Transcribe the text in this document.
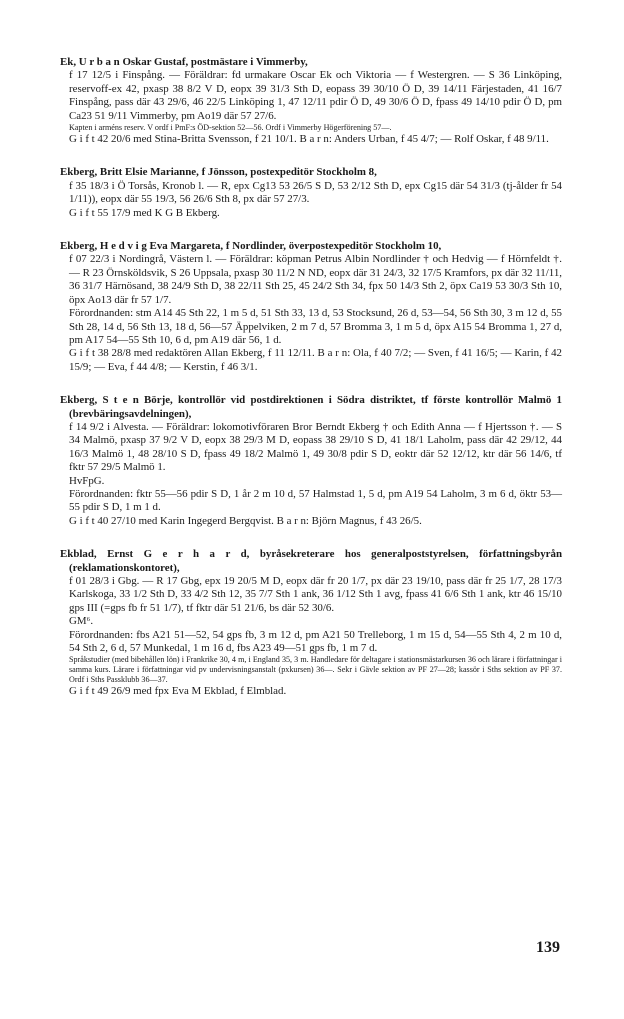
Ek, U r b a n Oskar Gustaf, postmästare i Vimmerby,

f 17 12/5 i Finspång. — Föräldrar: fd urmakare Oscar Ek och Viktoria — f Westergren. — S 36 Linköping, reservoff-ex 42, pxasp 38 8/2 V D, eopx 39 31/3 Sth D, eopass 39 30/10 Ö D, 39 14/11 Färjestaden, 41 16/7 Finspång, pass där 43 29/6, 46 22/5 Linköping 1, 47 12/11 pdir Ö D, 49 30/6 Ö D, fpass 49 14/10 pdir Ö D, pm Ca23 51 9/11 Vimmerby, pm Ao19 där 57 27/6.

Kapten i arméns reserv. V ordf i PmF:s ÖD-sektion 52—56. Ordf i Vimmerby Högerförening 57—.

G i f t 42 20/6 med Stina-Britta Svensson, f 21 10/1. B a r n: Anders Urban, f 45 4/7; — Rolf Oskar, f 48 9/11.

Ekberg, Britt Elsie Marianne, f Jönsson, postexpeditör Stockholm 8,

f 35 18/3 i Ö Torsås, Kronob l. — R, epx Cg13 53 26/5 S D, 53 2/12 Sth D, epx Cg15 där 54 31/3 (tj-ålder fr 54 1/11)), eopx där 55 19/3, 56 26/6 Sth 8, px där 57 27/3.

G i f t 55 17/9 med K G B Ekberg.

Ekberg, H e d v i g Eva Margareta, f Nordlinder, överpostexpeditör Stockholm 10,

f 07 22/3 i Nordingrå, Västern l. — Föräldrar: köpman Petrus Albin Nordlinder † och Hedvig — f Hörnfeldt †. — R 23 Örnsköldsvik, S 26 Uppsala, pxasp 30 11/2 N ND, eopx där 31 24/3, 32 17/5 Kramfors, px där 32 11/11, 36 31/7 Härnösand, 38 24/9 Sth D, 38 22/11 Sth 25, 45 24/2 Sth 34, fpx 50 14/3 Sth 2, öpx Ca19 53 30/3 Sth 10, öpx Ao13 där fr 57 1/7.

Förordnanden: stm A14 45 Sth 22, 1 m 5 d, 51 Sth 33, 13 d, 53 Stocksund, 26 d, 53—54, 56 Sth 30, 3 m 12 d, 55 Sth 28, 14 d, 56 Sth 13, 18 d, 56—57 Äppelviken, 2 m 7 d, 57 Bromma 3, 1 m 5 d, öpx A15 54 Bromma 1, 27 d, pm A17 54—55 Sth 10, 6 d, pm A19 där 56, 1 d.

G i f t 38 28/8 med redaktören Allan Ekberg, f 11 12/11. B a r n: Ola, f 40 7/2; — Sven, f 41 16/5; — Karin, f 42 15/9; — Eva, f 44 4/8; — Kerstin, f 46 3/1.

Ekberg, S t e n Börje, kontrollör vid postdirektionen i Södra distriktet, tf förste kontrollör Malmö 1 (brevbäringsavdelningen),

f 14 9/2 i Alvesta. — Föräldrar: lokomotivföraren Bror Berndt Ekberg † och Edith Anna — f Hjertsson †. — S 34 Malmö, pxasp 37 9/2 V D, eopx 38 29/3 M D, eopass 38 29/10 S D, 41 18/1 Laholm, pass där 42 29/12, 44 16/3 Malmö 1, 48 28/10 S D, fpass 49 18/2 Malmö 1, 49 30/8 pdir S D, eoktr där 52 12/12, ktr där 56 14/6, tf fktr 57 29/5 Malmö 1.

HvFpG.

Förordnanden: fktr 55—56 pdir S D, 1 år 2 m 10 d, 57 Halmstad 1, 5 d, pm A19 54 Laholm, 3 m 6 d, öktr 53—55 pdir S D, 1 m 1 d.

G i f t 40 27/10 med Karin Ingegerd Bergqvist. B a r n: Björn Magnus, f 43 26/5.

Ekblad, Ernst G e r h a r d, byråsekreterare hos generalpoststyrelsen, författningsbyrån (reklamationskontoret),

f 01 28/3 i Gbg. — R 17 Gbg, epx 19 20/5 M D, eopx där fr 20 1/7, px där 23 19/10, pass där fr 25 1/7, 28 17/3 Karlskoga, 33 1/2 Sth D, 33 4/2 Sth 12, 35 7/7 Sth 1 ank, 36 1/12 Sth 1 avg, fpass 41 6/6 Sth 1 ank, ktr 46 15/10 gps III (=gps fb fr 51 1/7), tf fktr där 51 21/6, bs där 52 30/6.

GM⁶.

Förordnanden: fbs A21 51—52, 54 gps fb, 3 m 12 d, pm A21 50 Trelleborg, 1 m 15 d, 54—55 Sth 4, 2 m 10 d, 54 Sth 2, 6 d, 57 Munkedal, 1 m 16 d, fbs A23 49—51 gps fb, 1 m 7 d.

Språkstudier (med bibehållen lön) i Frankrike 30, 4 m, i England 35, 3 m. Handledare för deltagare i stationsmästarkursen 36 och lärare i författningar i samma kurs. Lärare i författningar vid pv undervisningsanstalt (pxkursen) 36—. Sekr i Gävle sektion av PF 27—28; kassör i Sths sektion av PF 37. Ordf i Sths Passklubb 36—37.

G i f t 49 26/9 med fpx Eva M Ekblad, f Elmblad.

139
